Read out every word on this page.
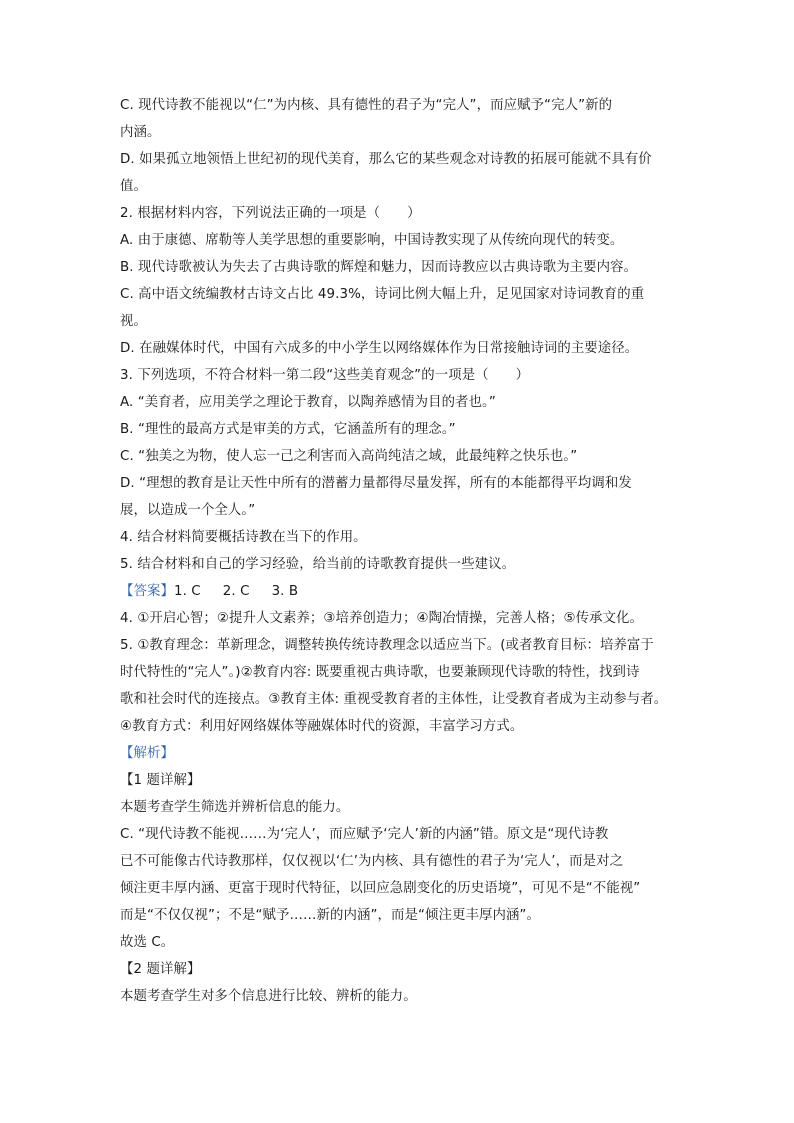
C. 现代诗教不能视以“仁”为内核、具有德性的君子为“完人”，而应赋予“完人”新的
内涵。
D. 如果孤立地领悟上世纪初的现代美育，那么它的某些观念对诗教的拓展可能就不具有价
值。
2. 根据材料内容，下列说法正确的一项是（　　）
A. 由于康德、席勒等人美学思想的重要影响，中国诗教实现了从传统向现代的转变。
B. 现代诗歌被认为失去了古典诗歌的辉煌和魅力，因而诗教应以古典诗歌为主要内容。
C. 高中语文统编教材古诗文占比 49.3%，诗词比例大幅上升，足见国家对诗词教育的重
视。
D. 在融媒体时代，中国有六成多的中小学生以网络媒体作为日常接触诗词的主要途径。
3. 下列选项，不符合材料一第二段“这些美育观念”的一项是（　　）
A. “美育者，应用美学之理论于教育，以陶养感情为目的者也。”
B. “理性的最高方式是审美的方式，它涵盖所有的理念。”
C. “独美之为物，使人忘一己之利害而入高尚纯洁之域，此最纯粹之快乐也。”
D. “理想的教育是让天性中所有的潜蓄力量都得尽量发挥，所有的本能都得平均调和发
展，以造成一个全人。”
4. 结合材料简要概括诗教在当下的作用。
5. 结合材料和自己的学习经验，给当前的诗歌教育提供一些建议。
【答案】 1. C 2. C 3. B
4. ①开启心智；②提升人文素养；③培养创造力；④陶冶情操，完善人格；⑤传承文化。
5. ①教育理念：革新理念，调整转换传统诗教理念以适应当下。(或者教育目标：培养富于
时代特性的“完人”。)②教育内容: 既要重视古典诗歌，也要兼顾现代诗歌的特性，找到诗
歌和社会时代的连接点。③教育主体: 重视受教育者的主体性，让受教育者成为主动参与者。
④教育方式：利用好网络媒体等融媒体时代的资源，丰富学习方式。
【解析】
【1 题详解】
本题考查学生筛选并辨析信息的能力。
C. “现代诗教不能视……为‘完人’，而应赋予‘完人’新的内涵”错。原文是“现代诗教
已不可能像古代诗教那样，仅仅视以‘仁’为内核、具有德性的君子为‘完人’，而是对之
倾注更丰厚内涵、更富于现时代特征，以回应急剧变化的历史语境”，可见不是“不能视”
而是“不仅仅视”；不是“赋予……新的内涵”，而是“倾注更丰厚内涵”。
故选 C。
【2 题详解】
本题考查学生对多个信息进行比较、辨析的能力。
